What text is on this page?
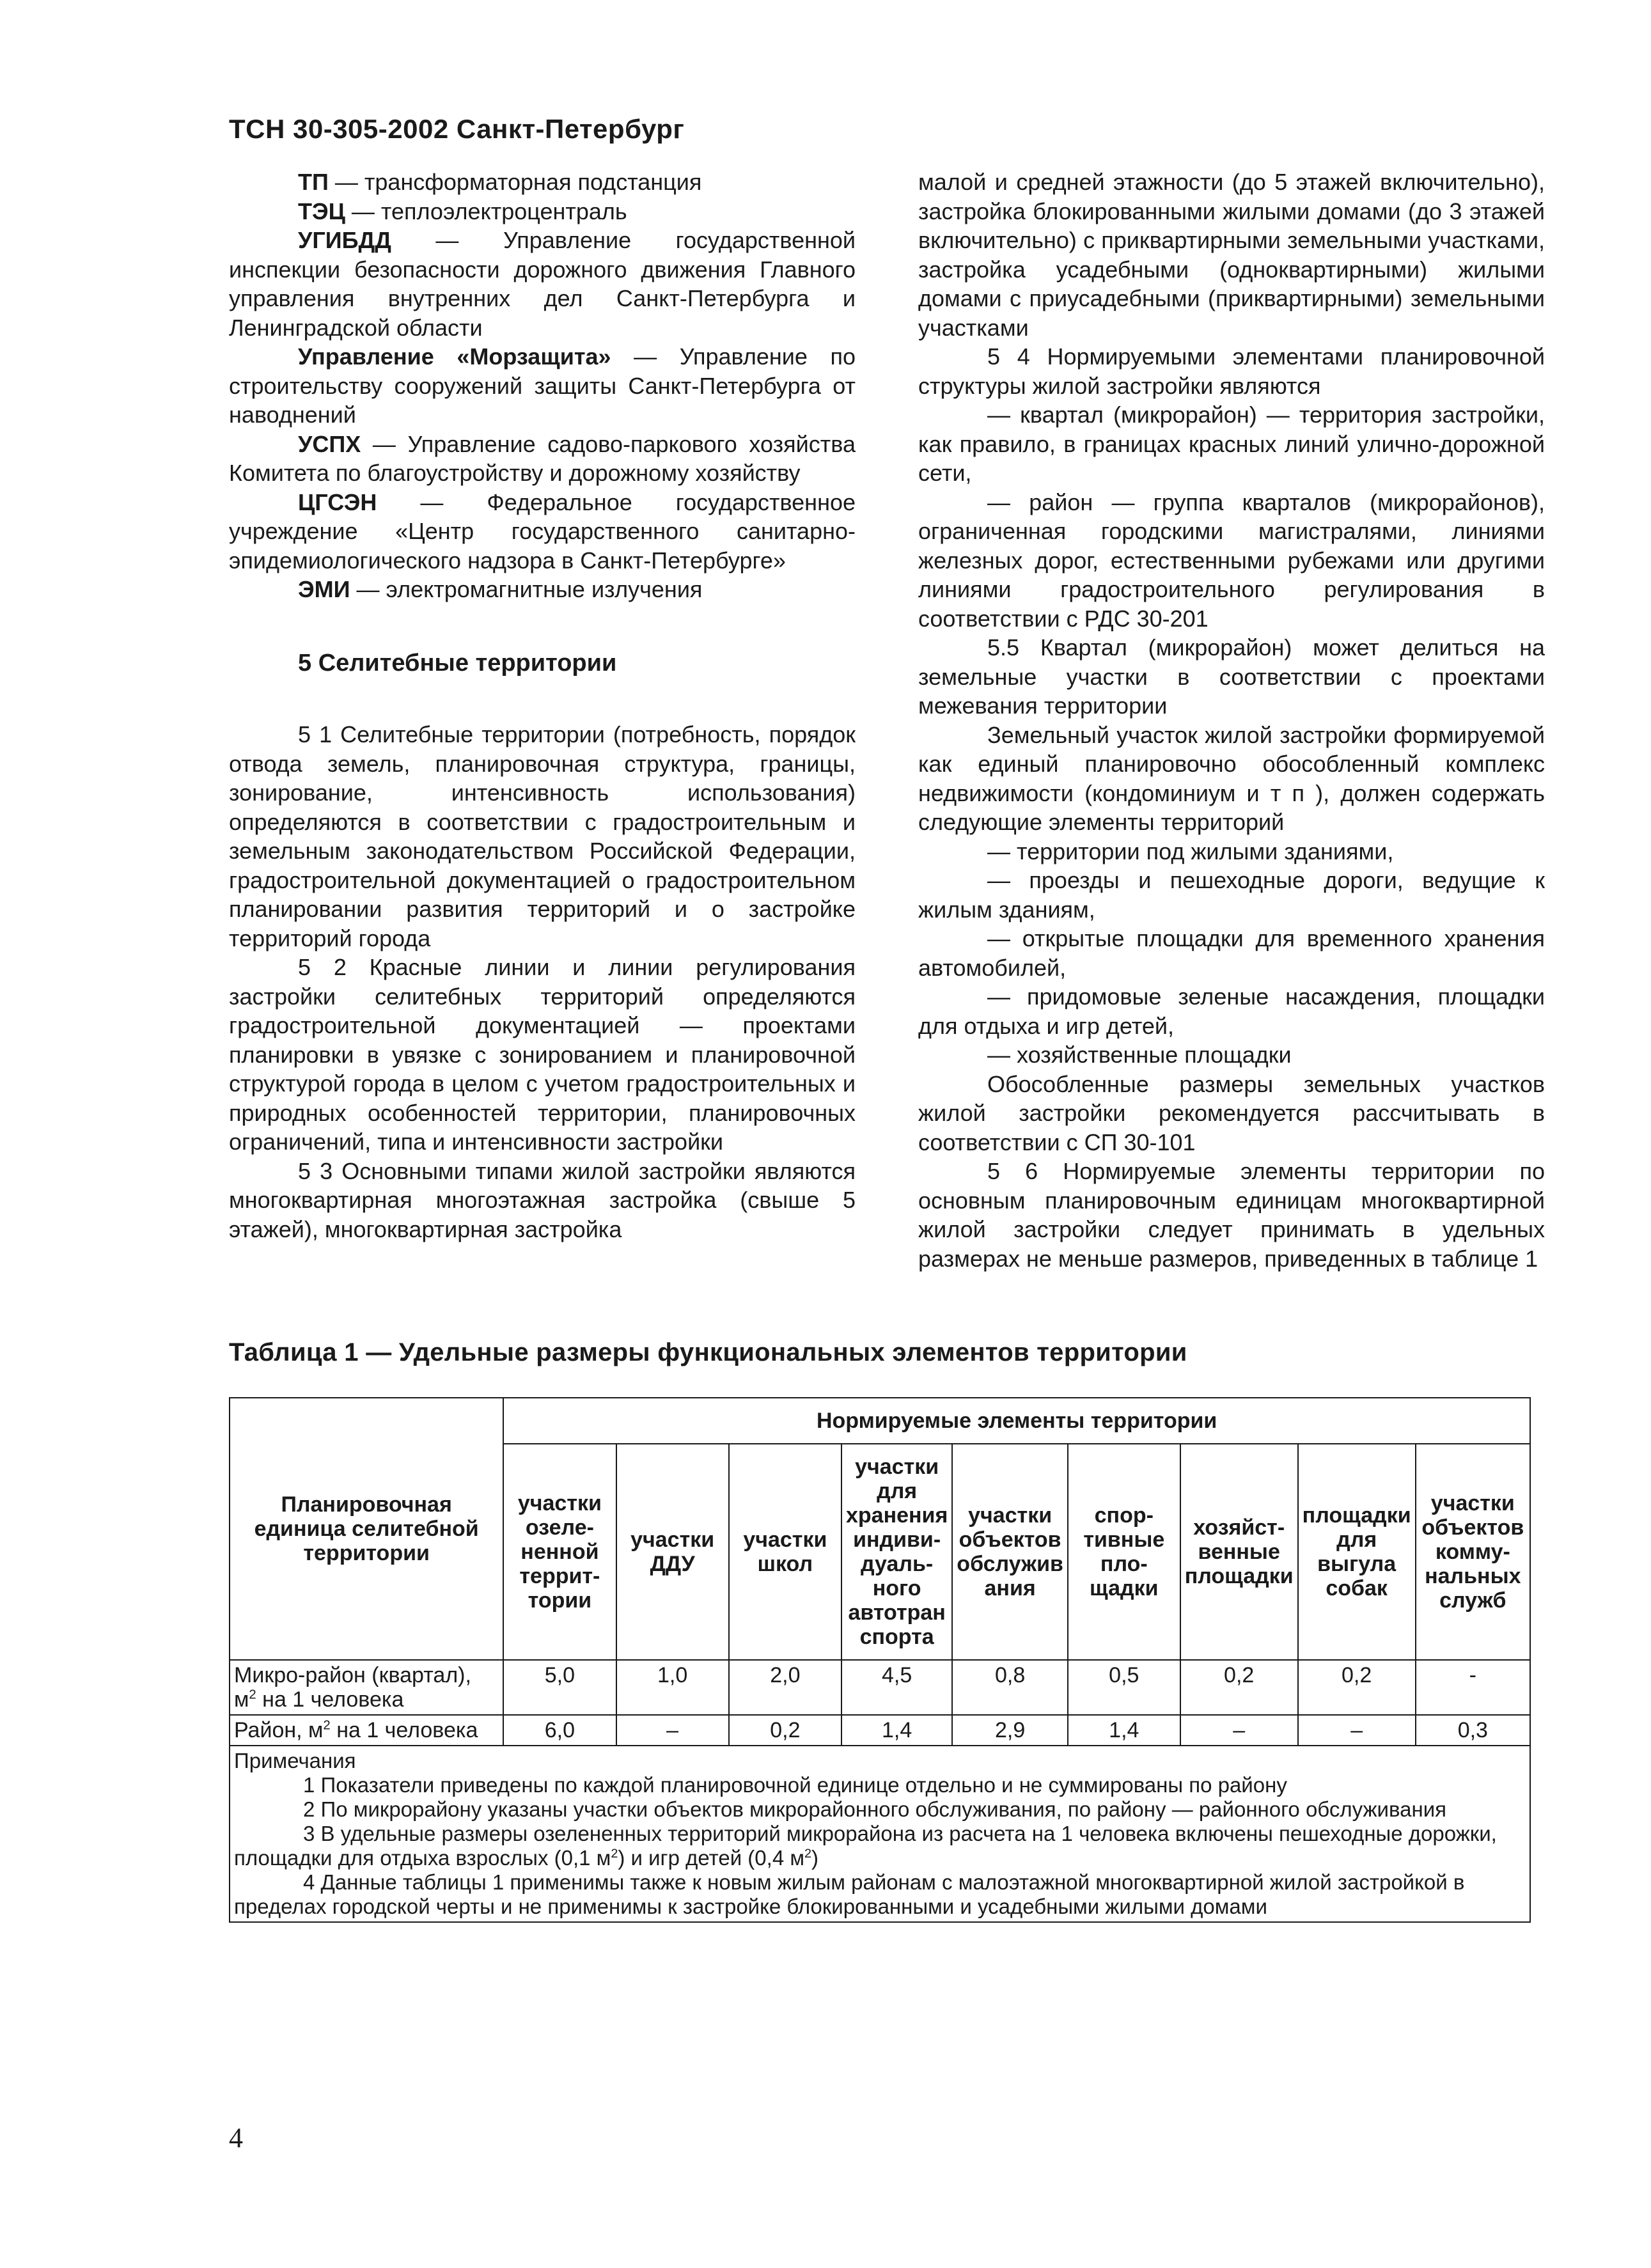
ТСН 30-305-2002 Санкт-Петербург

ТП — трансформаторная подстанция

ТЭЦ — теплоэлектроцентраль

УГИБДД — Управление государственной инспекции безопасности дорожного движения Главного управления внутренних дел Санкт-Петербурга и Ленинградской области

Управление «Морзащита» — Управление по строительству сооружений защиты Санкт-Петербурга от наводнений

УСПХ — Управление садово-паркового хозяйства Комитета по благоустройству и дорожному хозяйству

ЦГСЭН — Федеральное государственное учреждение «Центр государственного санитарно-эпидемиологического надзора в Санкт-Петербурге»

ЭМИ — электромагнитные излучения

5 Селитебные территории

5 1 Селитебные территории (потребность, порядок отвода земель, планировочная структура, границы, зонирование, интенсивность использования) определяются в соответствии с градостроительным и земельным законодательством Российской Федерации, градостроительной документацией о градостроительном планировании развития территорий и о застройке территорий города

5 2 Красные линии и линии регулирования застройки селитебных территорий определяются градостроительной документацией — проектами планировки в увязке с зонированием и планировочной структурой города в целом с учетом градостроительных и природных особенностей территории, планировочных ограничений, типа и интенсивности застройки

5 3 Основными типами жилой застройки являются многоквартирная многоэтажная застройка (свыше 5 этажей), многоквартирная застройка

малой и средней этажности (до 5 этажей включительно), застройка блокированными жилыми домами (до 3 этажей включительно) с приквартирными земельными участками, застройка усадебными (одноквартирными) жилыми домами с приусадебными (приквартирными) земельными участками

5 4 Нормируемыми элементами планировочной структуры жилой застройки являются

— квартал (микрорайон) — территория застройки, как правило, в границах красных линий улично-дорожной сети,

— район — группа кварталов (микрорайонов), ограниченная городскими магистралями, линиями железных дорог, естественными рубежами или другими линиями градостроительного регулирования в соответствии с РДС 30-201

5.5 Квартал (микрорайон) может делиться на земельные участки в соответствии с проектами межевания территории

Земельный участок жилой застройки формируемой как единый планировочно обособленный комплекс недвижимости (кондоминиум и т п ), должен содержать следующие элементы территорий

— территории под жилыми зданиями,

— проезды и пешеходные дороги, ведущие к жилым зданиям,

— открытые площадки для временного хранения автомобилей,

— придомовые зеленые насаждения, площадки для отдыха и игр детей,

— хозяйственные площадки

Обособленные размеры земельных участков жилой застройки рекомендуется рассчитывать в соответствии с СП 30-101

5 6 Нормируемые элементы территории по основным планировочным единицам многоквартирной жилой застройки следует принимать в удельных размерах не меньше размеров, приведенных в таблице 1

Таблица 1 — Удельные размеры функциональных элементов территории
Планировочная единица селитебной территории	Нормируемые элементы территории								
	участки озеле-ненной террит-тории	участки ДДУ	участки школ	участки для хранения индиви-дуаль-ного автотран спорта	участки объектов обслужив ания	спор-тивные пло-щадки	хозяйст-венные площадки	площадки для выгула собак	участки объектов комму-нальных служб
Микро-район (квартал), $м^2$ на 1 человека	5,0	1,0	2,0	4,5	0,8	0,5	0,2	0,2	-
Район, $м^2$ на 1 человека	6,0	–	0,2	1,4	2,9	1,4	–	–	0,3

Примечания

1 Показатели приведены по каждой планировочной единице отдельно и не суммированы по району

2 По микрорайону указаны участки объектов микрорайонного обслуживания, по району — районного обслуживания

3 В удельные размеры озелененных территорий микрорайона из расчета на 1 человека включены пешеходные дорожки, площадки для отдыха взрослых (0,1 $м^2$) и игр детей (0,4 $м^2$)

4 Данные таблицы 1 применимы также к новым жилым районам с малоэтажной многоквартирной жилой застройкой в пределах городской черты и не применимы к застройке блокированными и усадебными жилыми домами									

4
